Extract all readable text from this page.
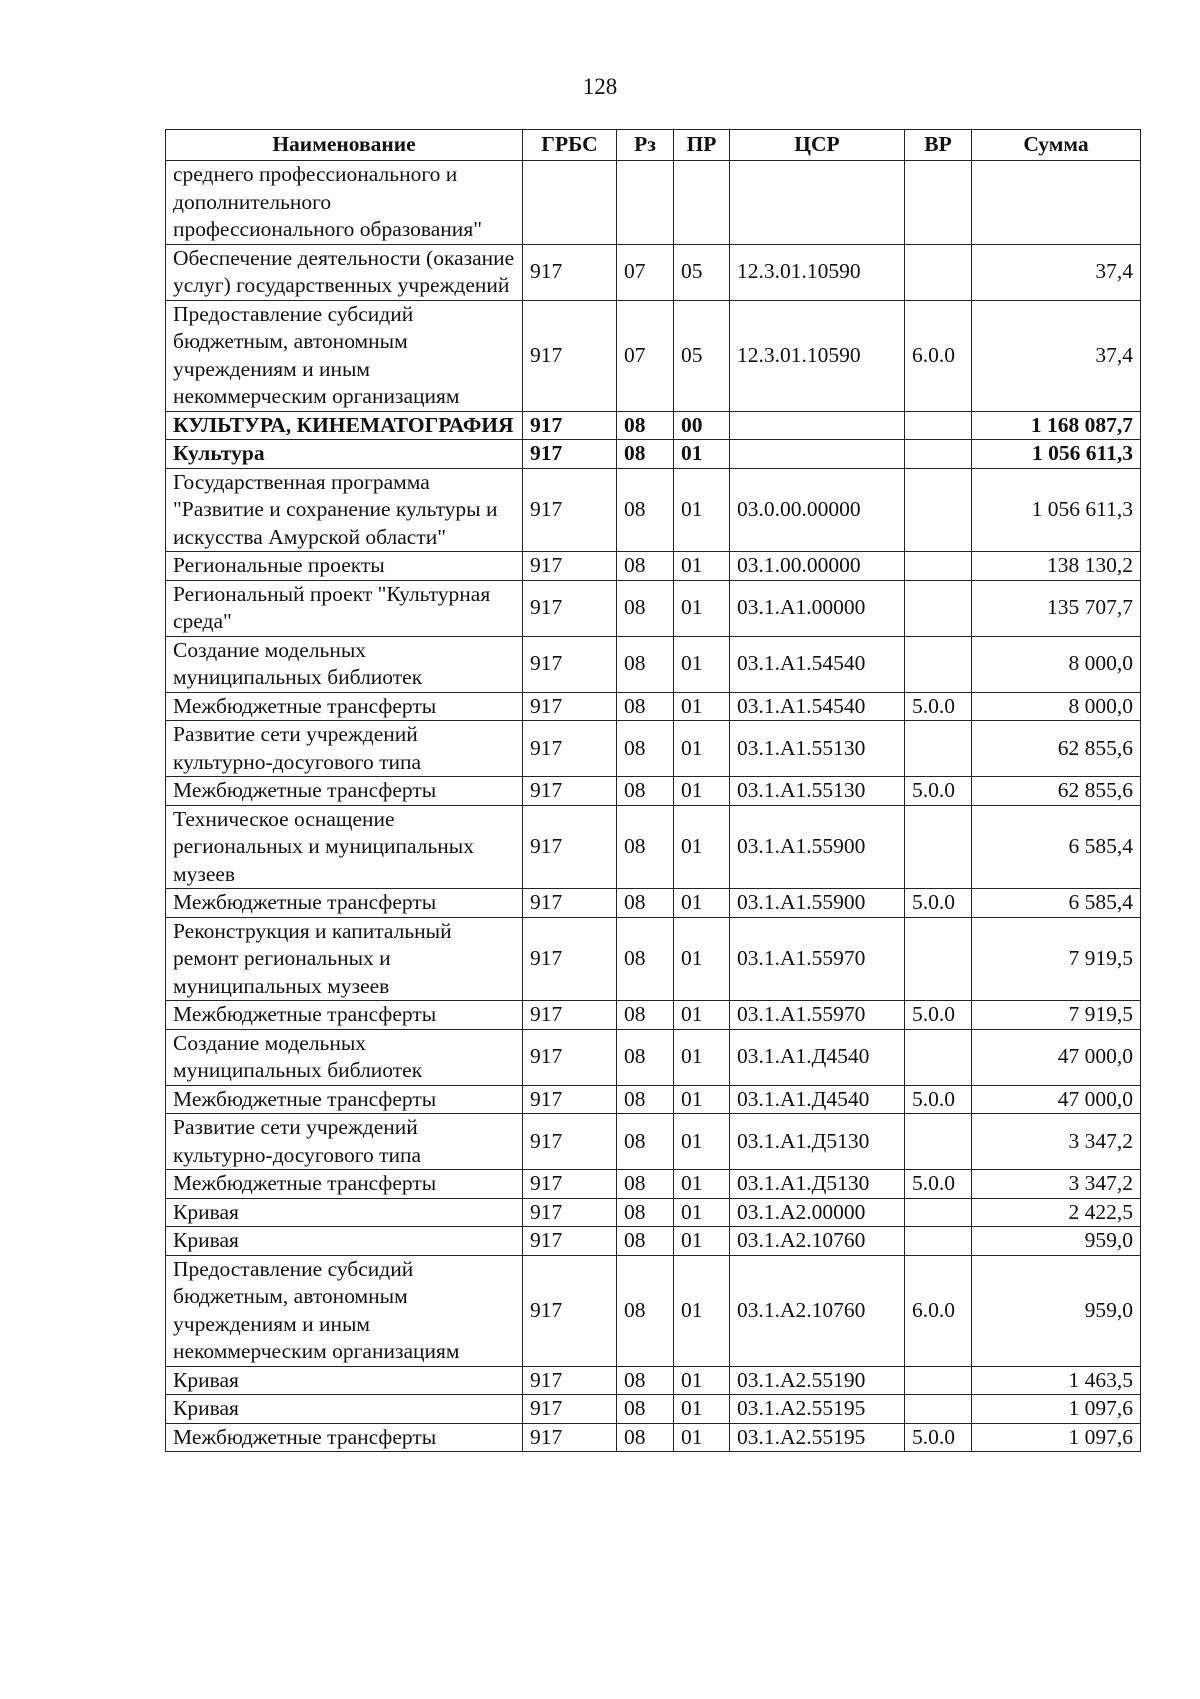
128
Наименование	ГРБС	Рз	ПР	ЦСР	ВР	Сумма
среднего профессионального и дополнительного профессионального образования"						
Обеспечение деятельности (оказание услуг) государственных учреждений	917	07	05	12.3.01.10590		37,4
Предоставление субсидий бюджетным, автономным учреждениям и иным некоммерческим организациям	917	07	05	12.3.01.10590	6.0.0	37,4
КУЛЬТУРА, КИНЕМАТОГРАФИЯ	917	08	00			1 168 087,7
Культура	917	08	01			1 056 611,3
Государственная программа "Развитие и сохранение культуры и искусства Амурской области"	917	08	01	03.0.00.00000		1 056 611,3
Региональные проекты	917	08	01	03.1.00.00000		138 130,2
Региональный проект "Культурная среда"	917	08	01	03.1.A1.00000		135 707,7
Создание модельных муниципальных библиотек	917	08	01	03.1.A1.54540		8 000,0
Межбюджетные трансферты	917	08	01	03.1.A1.54540	5.0.0	8 000,0
Развитие сети учреждений культурно-досугового типа	917	08	01	03.1.A1.55130		62 855,6
Межбюджетные трансферты	917	08	01	03.1.A1.55130	5.0.0	62 855,6
Техническое оснащение региональных и муниципальных музеев	917	08	01	03.1.A1.55900		6 585,4
Межбюджетные трансферты	917	08	01	03.1.A1.55900	5.0.0	6 585,4
Реконструкция и капитальный ремонт региональных и муниципальных музеев	917	08	01	03.1.A1.55970		7 919,5
Межбюджетные трансферты	917	08	01	03.1.A1.55970	5.0.0	7 919,5
Создание модельных муниципальных библиотек	917	08	01	03.1.A1.Д4540		47 000,0
Межбюджетные трансферты	917	08	01	03.1.A1.Д4540	5.0.0	47 000,0
Развитие сети учреждений культурно-досугового типа	917	08	01	03.1.A1.Д5130		3 347,2
Межбюджетные трансферты	917	08	01	03.1.A1.Д5130	5.0.0	3 347,2
Кривая	917	08	01	03.1.A2.00000		2 422,5
Кривая	917	08	01	03.1.A2.10760		959,0
Предоставление субсидий бюджетным, автономным учреждениям и иным некоммерческим организациям	917	08	01	03.1.A2.10760	6.0.0	959,0
Кривая	917	08	01	03.1.A2.55190		1 463,5
Кривая	917	08	01	03.1.A2.55195		1 097,6
Межбюджетные трансферты	917	08	01	03.1.A2.55195	5.0.0	1 097,6
